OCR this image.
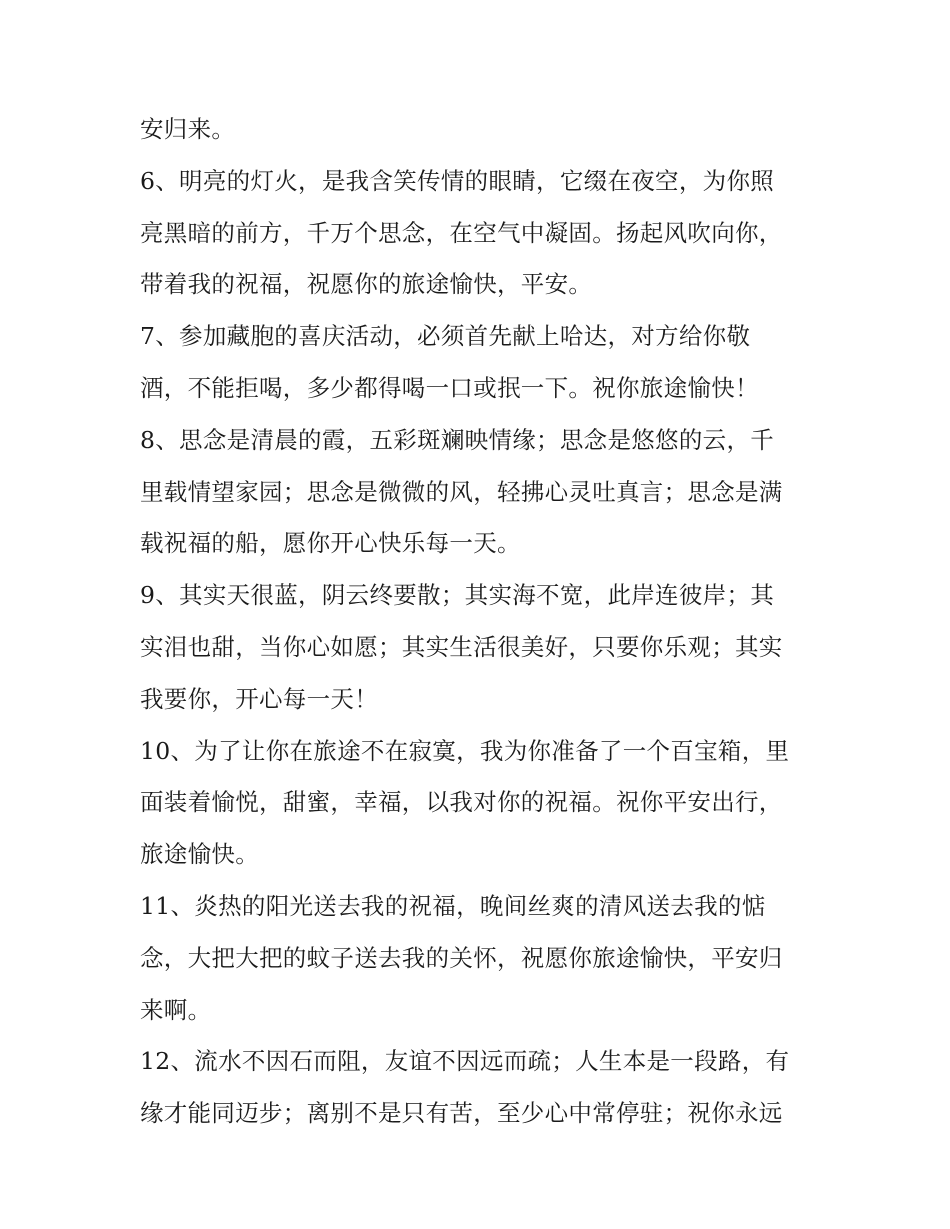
安归来。
6、明亮的灯火，是我含笑传情的眼睛，它缀在夜空，为你照
亮黑暗的前方，千万个思念，在空气中凝固。扬起风吹向你，
带着我的祝福，祝愿你的旅途愉快，平安。
7、参加藏胞的喜庆活动，必须首先献上哈达，对方给你敬
酒，不能拒喝，多少都得喝一口或抿一下。祝你旅途愉快！
8、思念是清晨的霞，五彩斑斓映情缘；思念是悠悠的云，千
里载情望家园；思念是微微的风，轻拂心灵吐真言；思念是满
载祝福的船，愿你开心快乐每一天。
9、其实天很蓝，阴云终要散；其实海不宽，此岸连彼岸；其
实泪也甜，当你心如愿；其实生活很美好，只要你乐观；其实
我要你，开心每一天！
10、为了让你在旅途不在寂寞，我为你准备了一个百宝箱，里
面装着愉悦，甜蜜，幸福，以我对你的祝福。祝你平安出行，
旅途愉快。
11、炎热的阳光送去我的祝福，晚间丝爽的清风送去我的惦
念，大把大把的蚊子送去我的关怀，祝愿你旅途愉快，平安归
来啊。
12、流水不因石而阻，友谊不因远而疏；人生本是一段路，有
缘才能同迈步；离别不是只有苦，至少心中常停驻；祝你永远
